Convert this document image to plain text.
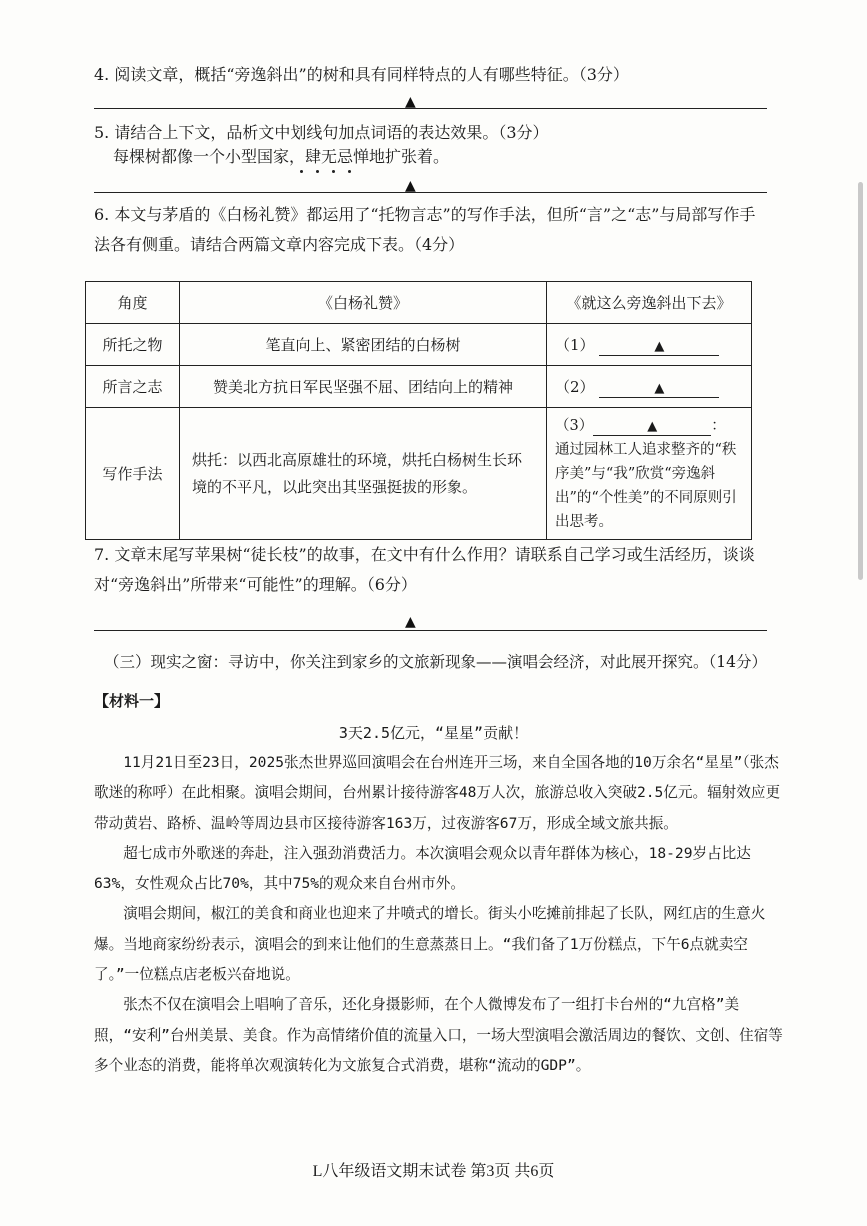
4. 阅读文章，概括“旁逸斜出”的树和具有同样特点的人有哪些特征。（3分）

▲

5. 请结合上下文，品析文中划线句加点词语的表达效果。（3分）

每棵树都像一个小型国家，肆无忌惮地扩张着。

▲

6. 本文与茅盾的《白杨礼赞》都运用了“托物言志”的写作手法，但所“言”之“志”与局部写作手法各有侧重。请结合两篇文章内容完成下表。（4分）

角度	《白杨礼赞》	《就这么旁逸斜出下去》
所托之物	笔直向上、紧密团结的白杨树	（1） ▲
所言之志	赞美北方抗日军民坚强不屈、团结向上的精神	（2） ▲
写作手法	烘托：以西北高原雄壮的环境，烘托白杨树生长环境的不平凡，以此突出其坚强挺拔的形象。	（3） ▲ ：
通过园林工人追求整齐的“秩序美”与“我”欣赏“旁逸斜出”的“个性美”的不同原则引出思考。

7. 文章末尾写苹果树“徒长枝”的故事，在文中有什么作用？请联系自己学习或生活经历，谈谈对“旁逸斜出”所带来“可能性”的理解。（6分）

▲
（三）现实之窗：寻访中，你关注到家乡的文旅新现象——演唱会经济，对此展开探究。（14分）
【材料一】
3天2.5亿元，“星星”贡献！

11月21日至23日，2025张杰世界巡回演唱会在台州连开三场，来自全国各地的10万余名“星星”（张杰歌迷的称呼）在此相聚。演唱会期间，台州累计接待游客48万人次，旅游总收入突破2.5亿元。辐射效应更带动黄岩、路桥、温岭等周边县市区接待游客163万，过夜游客67万，形成全域文旅共振。

超七成市外歌迷的奔赴，注入强劲消费活力。本次演唱会观众以青年群体为核心，18-29岁占比达63%，女性观众占比70%，其中75%的观众来自台州市外。

演唱会期间，椒江的美食和商业也迎来了井喷式的增长。街头小吃摊前排起了长队，网红店的生意火爆。当地商家纷纷表示，演唱会的到来让他们的生意蒸蒸日上。“我们备了1万份糕点，下午6点就卖空了。”一位糕点店老板兴奋地说。

张杰不仅在演唱会上唱响了音乐，还化身摄影师，在个人微博发布了一组打卡台州的“九宫格”美照，“安利”台州美景、美食。作为高情绪价值的流量入口，一场大型演唱会激活周边的餐饮、文创、住宿等多个业态的消费，能将单次观演转化为文旅复合式消费，堪称“流动的GDP”。

L八年级语文期末试卷 第3页 共6页
